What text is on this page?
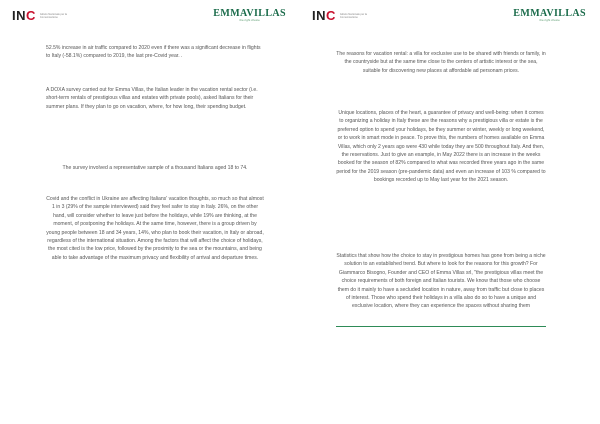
INC Istituto Nazionale per la Comunicazione	EMMAVILLAS
the right choice
52.5% increase in air traffic compared to 2020 even if there was a significant decrease in flights to Italy (-58.1%) compared to 2019, the last pre-Covid year. .
A DOXA survey carried out for Emma Villas, the Italian leader in the vacation rental sector (i.e. short-term rentals of prestigious villas and estates with private pools), asked Italians for their summer plans. If they plan to go on vacation, where, for how long, their spending budget.
The survey involved a representative sample of a thousand Italians aged 18 to 74.
Covid and the conflict in Ukraine are affecting Italians' vacation thoughts, so much so that almost 1 in 3 (29% of the sample interviewed) said they feel safer to stay in Italy. 26%, on the other hand, will consider whether to leave just before the holidays, while 19% are thinking, at the moment, of postponing the holidays. At the same time, however, there is a group driven by young people between 18 and 34 years, 14%, who plan to book their vacation, in Italy or abroad, regardless of the international situation. Among the factors that will affect the choice of holidays, the most cited is the low price, followed by the proximity to the sea or the mountains, and being able to take advantage of the maximum privacy and flexibility of arrival and departure times.
INC Istituto Nazionale per la Comunicazione	EMMAVILLAS
the right choice
The reasons for vacation rental: a villa for exclusive use to be shared with friends or family, in the countryside but at the same time close to the centers of artistic interest or the sea, suitable for discovering new places at affordable ad personam prices.
Unique locations, places of the heart, a guarantee of privacy and well-being: when it comes to organizing a holiday in Italy these are the reasons why a prestigious villa or estate is the preferred option to spend your holidays, be they summer or winter, weekly or long weekend, or to work in smart mode in peace. To prove this, the numbers of homes available on Emma Villas, which only 2 years ago were 430 while today they are 500 throughout Italy. And then, the reservations. Just to give an example, in May 2022 there is an increase in the weeks booked for the season of 82% compared to what was recorded three years ago in the same period for the 2019 season (pre-pandemic data) and even an increase of 103 % compared to bookings recorded up to May last year for the 2021 season.
Statistics that show how the choice to stay in prestigious homes has gone from being a niche solution to an established trend. But where to look for the reasons for this growth? For Giammarco Bisogno, Founder and CEO of Emma Villas srl, "the prestigious villas meet the choice requirements of both foreign and Italian tourists. We know that those who choose them do it mainly to have a secluded location in nature, away from traffic but close to places of interest. Those who spend their holidays in a villa also do so to have a unique and exclusive location, where they can experience the spaces without sharing them
